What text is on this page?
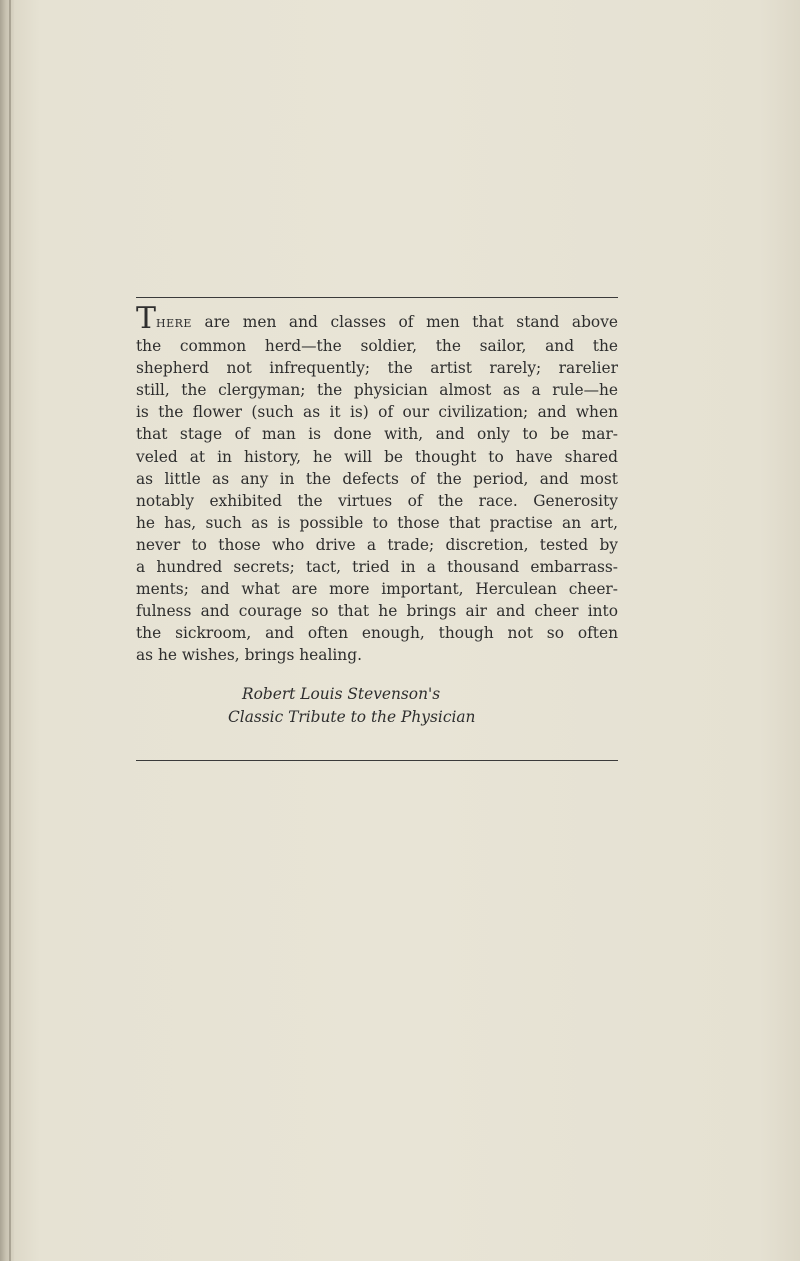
THERE are men and classes of men that stand above
the common herd—the soldier, the sailor, and the
shepherd not infrequently; the artist rarely; rarelier
still, the clergyman; the physician almost as a rule—he
is the flower (such as it is) of our civilization; and when
that stage of man is done with, and only to be mar-
veled at in history, he will be thought to have shared
as little as any in the defects of the period, and most
notably exhibited the virtues of the race. Generosity
he has, such as is possible to those that practise an art,
never to those who drive a trade; discretion, tested by
a hundred secrets; tact, tried in a thousand embarrass-
ments; and what are more important, Herculean cheer-
fulness and courage so that he brings air and cheer into
the sickroom, and often enough, though not so often
as he wishes, brings healing.
Robert Louis Stevenson's
Classic Tribute to the Physician
